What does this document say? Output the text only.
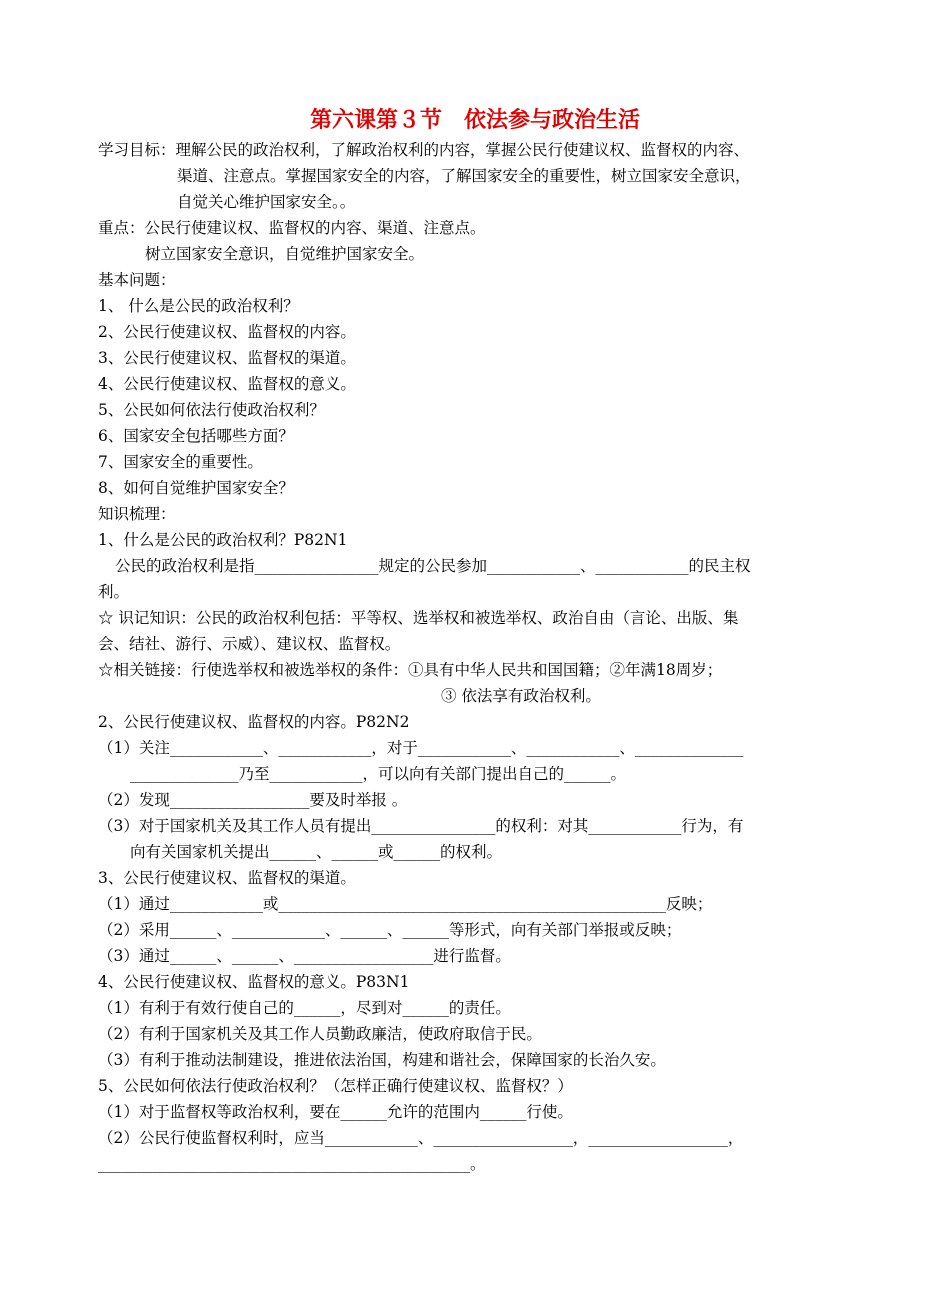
第六课第３节　依法参与政治生活
学习目标：理解公民的政治权利，了解政治权利的内容，掌握公民行使建议权、监督权的内容、
渠道、注意点。掌握国家安全的内容，了解国家安全的重要性，树立国家安全意识，
自觉关心维护国家安全。。
重点：公民行使建议权、监督权的内容、渠道、注意点。
树立国家安全意识，自觉维护国家安全。
基本问题：
1、 什么是公民的政治权利？
2、公民行使建议权、监督权的内容。
3、公民行使建议权、监督权的渠道。
4、公民行使建议权、监督权的意义。
5、公民如何依法行使政治权利？
6、国家安全包括哪些方面？
7、国家安全的重要性。
8、如何自觉维护国家安全？
知识梳理：
1、什么是公民的政治权利？P82N1
公民的政治权利是指________________规定的公民参加____________、____________的民主权
利。
☆ 识记知识：公民的政治权利包括：平等权、选举权和被选举权、政治自由（言论、出版、集
会、结社、游行、示威）、建议权、监督权。
☆相关链接：行使选举权和被选举权的条件：①具有中华人民共和国国籍；②年满18周岁；
③ 依法享有政治权利。
2、公民行使建议权、监督权的内容。P82N2
（1）关注____________、____________，对于____________、____________、______________
______________乃至____________，可以向有关部门提出自己的______。
（2）发现__________________要及时举报 。
（3）对于国家机关及其工作人员有提出________________的权利：对其____________行为，有
向有关国家机关提出______、______或______的权利。
3、公民行使建议权、监督权的渠道。
（1）通过____________或__________________________________________________反映；
（2）采用______、____________、______、______等形式，向有关部门举报或反映；
（3）通过______、______、__________________进行监督。
4、公民行使建议权、监督权的意义。P83N1
（1）有利于有效行使自己的______，尽到对______的责任。
（2）有利于国家机关及其工作人员勤政廉洁，使政府取信于民。
（3）有利于推动法制建设，推进依法治国，构建和谐社会，保障国家的长治久安。
5、公民如何依法行使政治权利？（怎样正确行使建议权、监督权？）
（1）对于监督权等政治权利，要在______允许的范围内______行使。
（2）公民行使监督权利时，应当____________、__________________，__________________，
________________________________________________。
